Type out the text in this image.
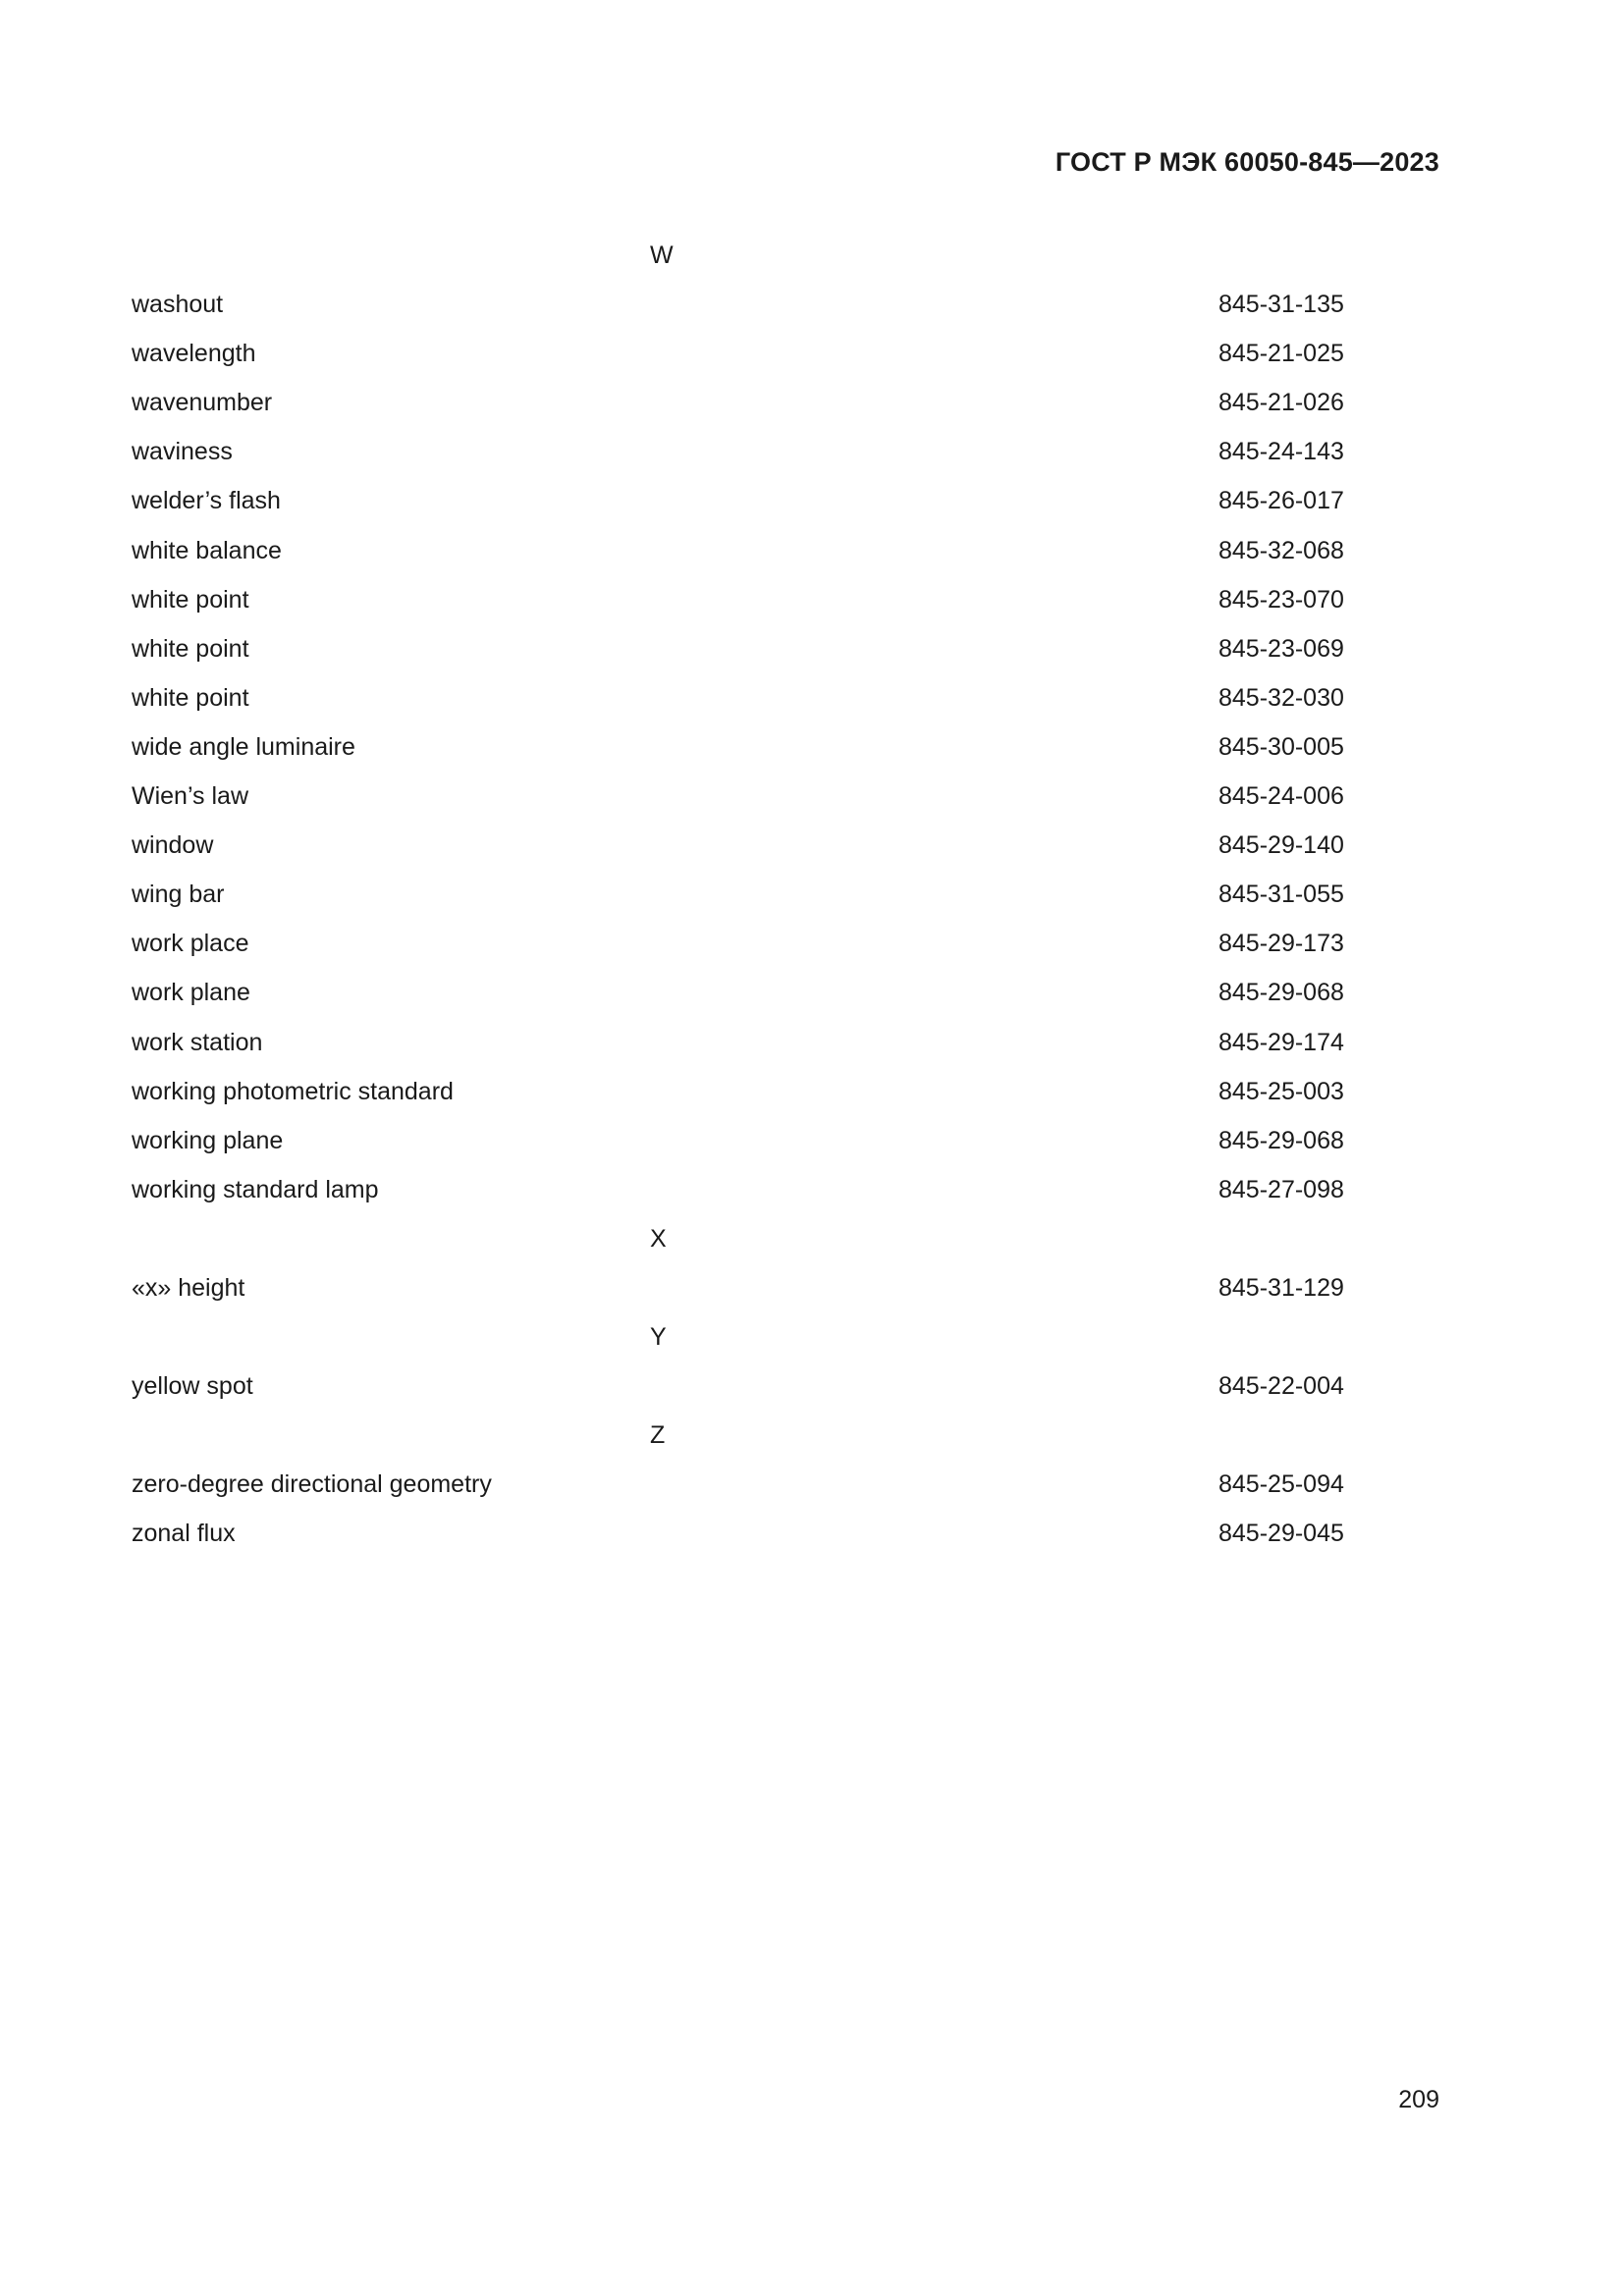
ГОСТ Р МЭК 60050-845—2023
W
washout	845-31-135
wavelength	845-21-025
wavenumber	845-21-026
waviness	845-24-143
welder’s flash	845-26-017
white balance	845-32-068
white point	845-23-070
white point	845-23-069
white point	845-32-030
wide angle luminaire	845-30-005
Wien’s law	845-24-006
window	845-29-140
wing bar	845-31-055
work place	845-29-173
work plane	845-29-068
work station	845-29-174
working photometric standard	845-25-003
working plane	845-29-068
working standard lamp	845-27-098
X
«x» height	845-31-129
Y
yellow spot	845-22-004
Z
zero-degree directional geometry	845-25-094
zonal flux	845-29-045
209
